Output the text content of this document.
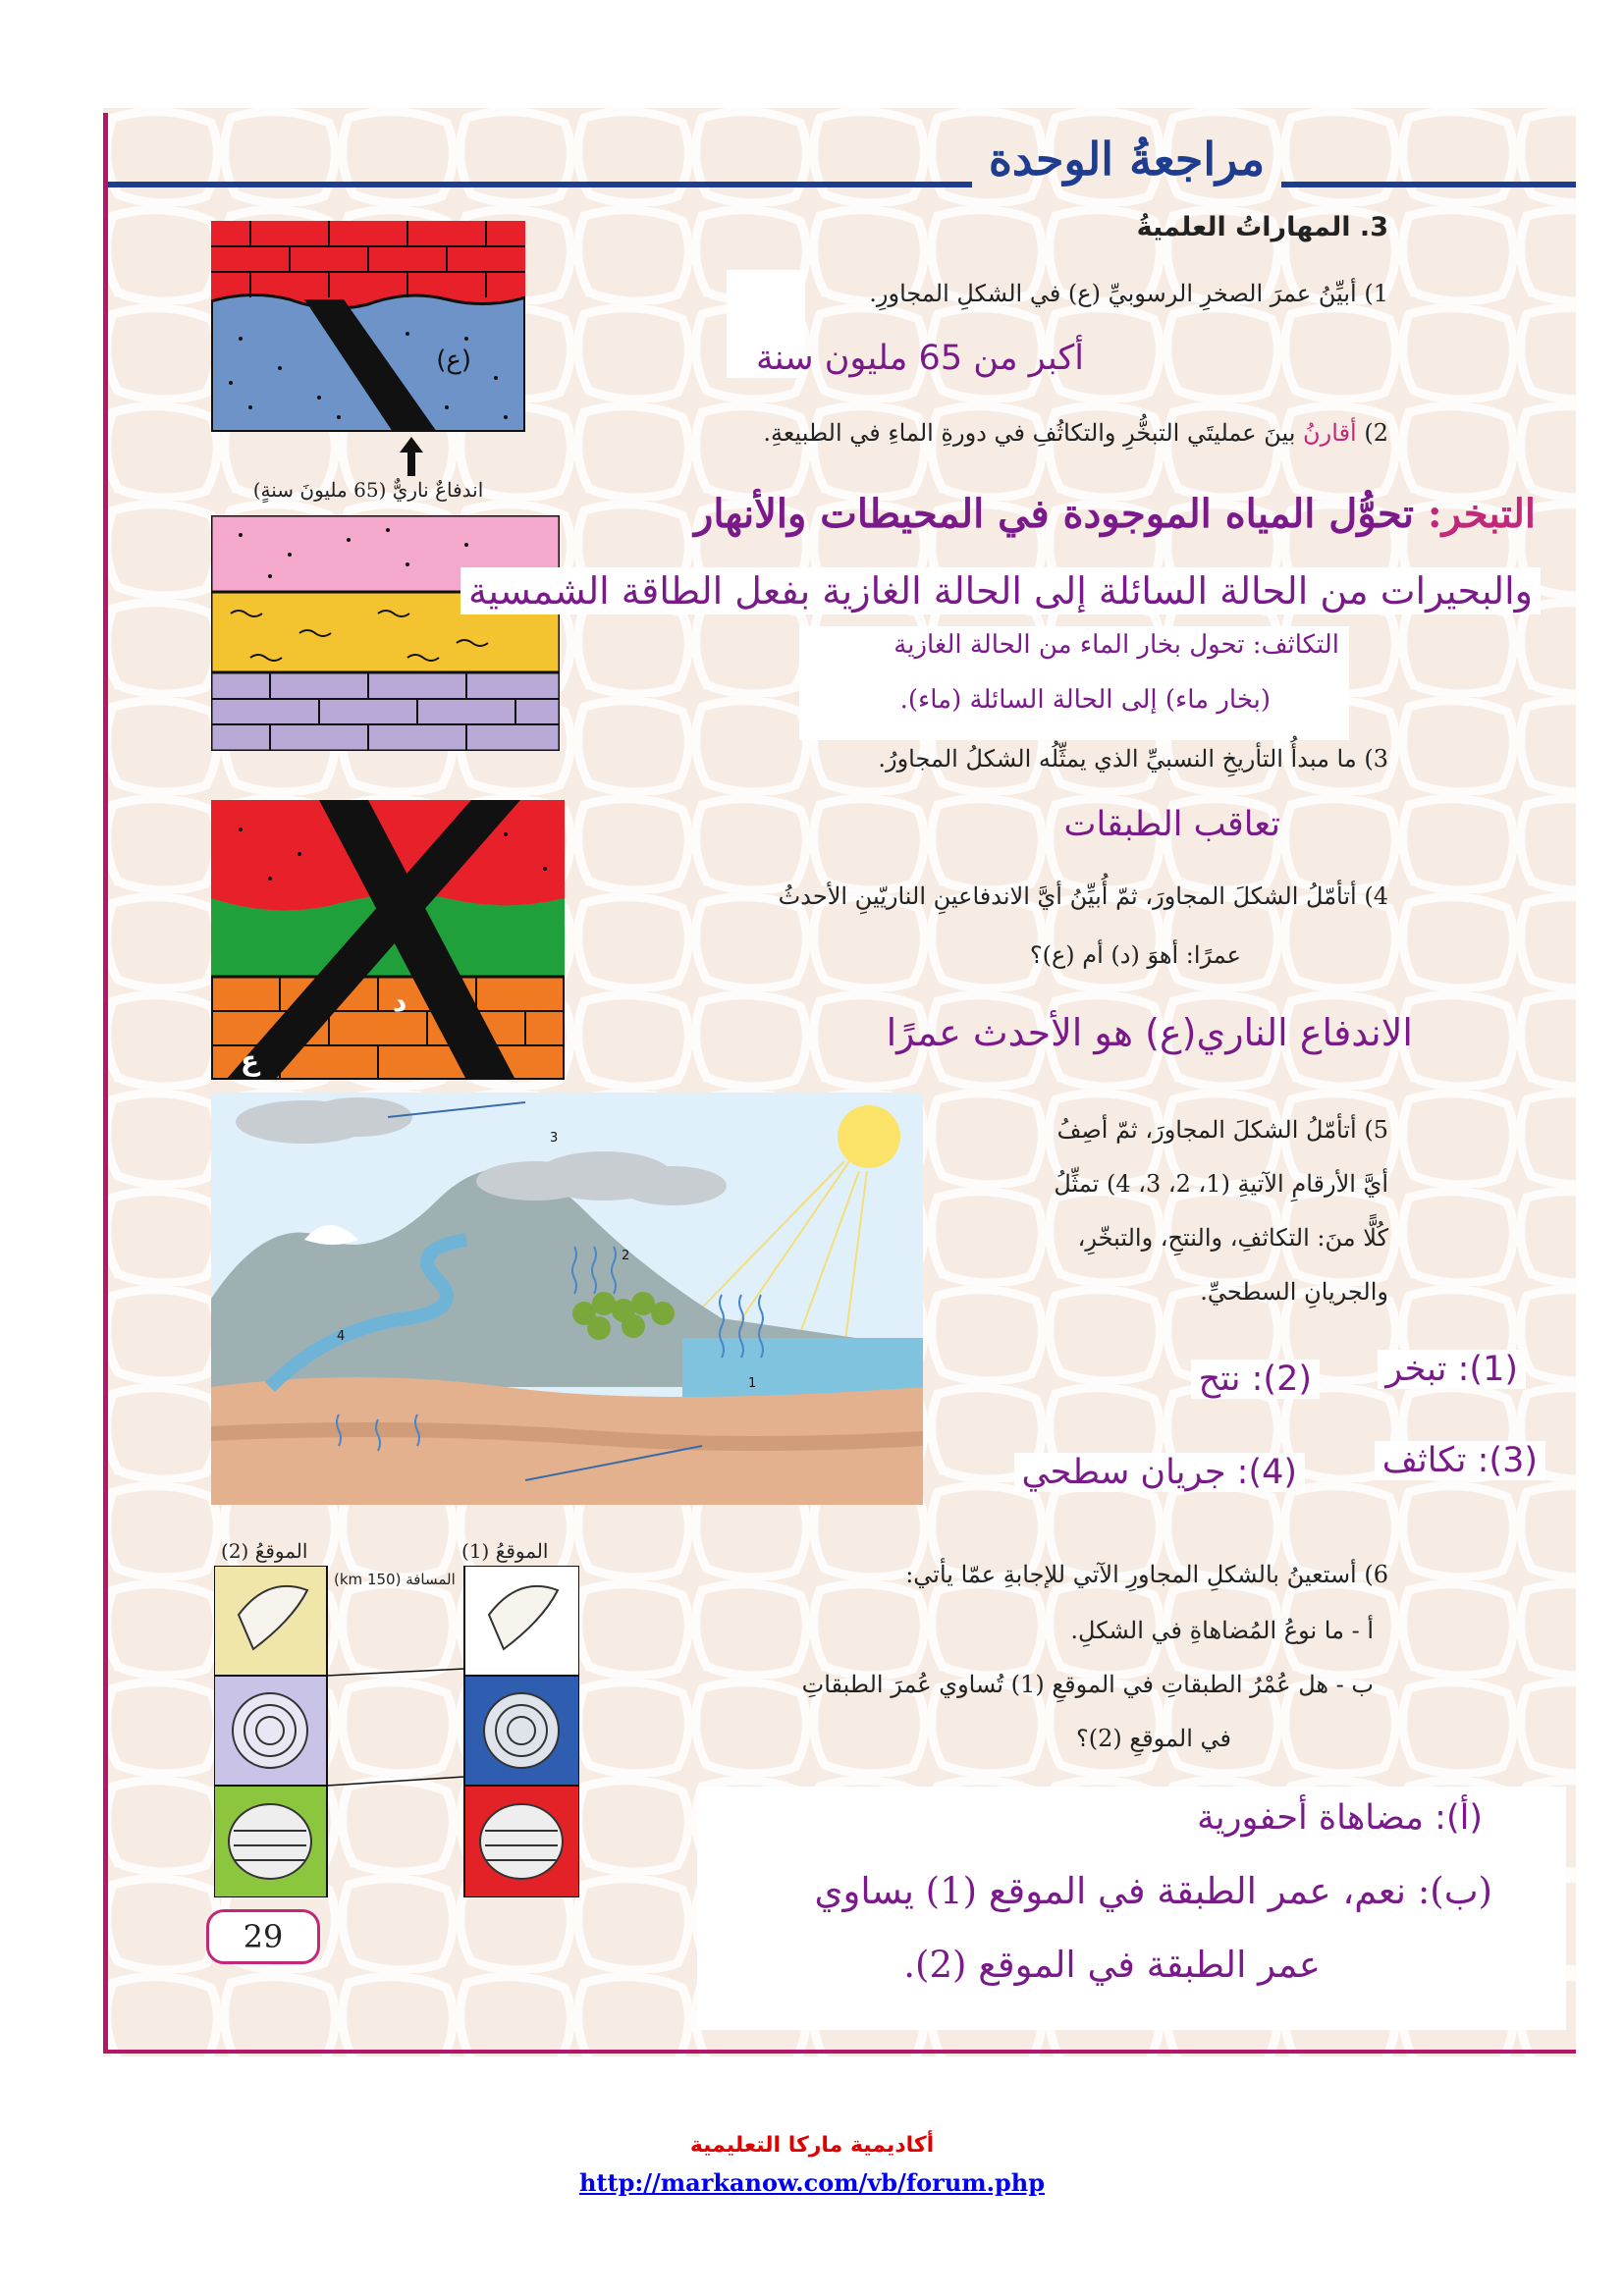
مراجعةُ الوحدة
3. المهاراتُ العلميةُ
(ع)
اندفاعٌ ناريٌّ (65 مليونَ سنةٍ)
د
ع
1
2
3
4
الموقعُ (2)	الموقعُ (1)
المسافة (150 km)
1) أبيِّنُ عمرَ الصخرِ الرسوبيِّ (ع) في الشكلِ المجاورِ.
أكبر من 65 مليون سنة
2) أقارنُ بينَ عمليتَي التبخُّرِ والتكاثُفِ في دورةِ الماءِ في الطبيعةِ.
التبخر: تحوُّل المياه الموجودة في المحيطات والأنهار
والبحيرات من الحالة السائلة إلى الحالة الغازية بفعل الطاقة الشمسية
التكاثف: تحول بخار الماء من الحالة الغازية
(بخار ماء) إلى الحالة السائلة (ماء).
3) ما مبدأُ التأريخِ النسبيِّ الذي يمثِّلُه الشكلُ المجاورُ.
تعاقب الطبقات
4) أتأمّلُ الشكلَ المجاورَ، ثمّ أُبيِّنُ أيَّ الاندفاعينِ الناريّينِ الأحدثُ
عمرًا: أهوَ (د) أم (ع)؟
الاندفاع الناري(ع) هو الأحدث عمرًا
5) أتأمّلُ الشكلَ المجاورَ، ثمّ أصِفُ
أيَّ الأرقامِ الآتيةِ (1، 2، 3، 4) تمثِّلُ
كُلًّا منَ: التكاثفِ، والنتحِ، والتبخّرِ،
والجريانِ السطحيِّ.
(1): تبخر
(2): نتح
(3): تكاثف
(4): جريان سطحي
6) أستعينُ بالشكلِ المجاورِ الآتي للإجابةِ عمّا يأتي:
أ - ما نوعُ المُضاهاةِ في الشكلِ.
ب - هل عُمْرُ الطبقاتِ في الموقعِ (1) تُساوي عُمرَ الطبقاتِ
في الموقعِ (2)؟
(أ): مضاهاة أحفورية
(ب): نعم، عمر الطبقة في الموقع (1) يساوي
عمر الطبقة في الموقع (2).
29
أكاديمية ماركا التعليمية
http://markanow.com/vb/forum.php
